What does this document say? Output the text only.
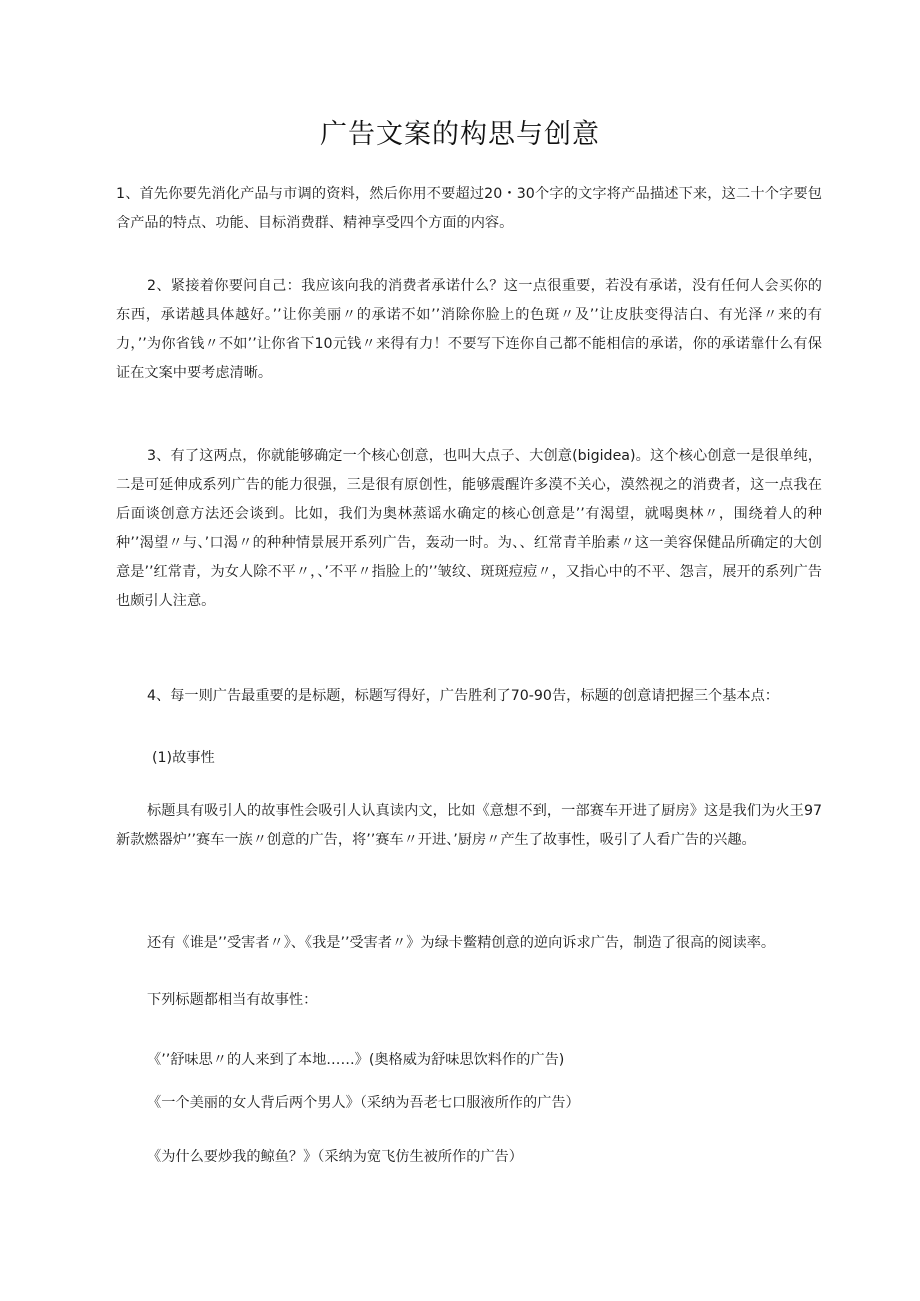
广告文案的构思与创意
1、首先你要先消化产品与市调的资料，然后你用不要超过20・30个字的文字将产品描述下来，这二十个字要包含产品的特点、功能、目标消费群、精神享受四个方面的内容。
2、紧接着你要问自己：我应该向我的消费者承诺什么？这一点很重要，若没有承诺，没有任何人会买你的东西，承诺越具体越好。’’让你美丽〃的承诺不如’’消除你脸上的色斑〃及’’让皮肤变得洁白、有光泽〃来的有力，’’为你省钱〃不如’’让你省下10元钱〃来得有力！不要写下连你自己都不能相信的承诺，你的承诺靠什么有保证在文案中要考虑清晰。
3、有了这两点，你就能够确定一个核心创意，也叫大点子、大创意(bigidea)。这个核心创意一是很单纯，二是可延伸成系列广告的能力很强，三是很有原创性，能够震醒许多漠不关心，漠然视之的消费者，这一点我在后面谈创意方法还会谈到。比如，我们为奥林蒸谣水确定的核心创意是’’有渴望，就喝奥林〃，围绕着人的种种’’渴望〃与、’口渴〃的种种情景展开系列广告，轰动一时。为、、红常青羊胎素〃这一美容保健品所确定的大创意是’’红常青，为女人除不平〃，、’不平〃指脸上的’’皱纹、斑斑痘痘〃，又指心中的不平、怨言，展开的系列广告也颇引人注意。
4、每一则广告最重要的是标题，标题写得好，广告胜利了70-90告，标题的创意请把握三个基本点：
(1)故事性
标题具有吸引人的故事性会吸引人认真读内文，比如《意想不到，一部赛车开进了厨房》这是我们为火王97新款燃器炉’’赛车一族〃创意的广告，将’’赛车〃开进、’厨房〃产生了故事性，吸引了人看广告的兴趣。
还有《谁是’’受害者〃》、《我是’’受害者〃》为绿卡鳖精创意的逆向诉求广告，制造了很高的阅读率。
下列标题都相当有故事性：
《’’舒味思〃的人来到了本地……》(奥格威为舒味思饮料作的广告)
《一个美丽的女人背后两个男人》（采纳为吾老七口服液所作的广告）
《为什么要炒我的鲸鱼？》（采纳为宽飞仿生被所作的广告）
